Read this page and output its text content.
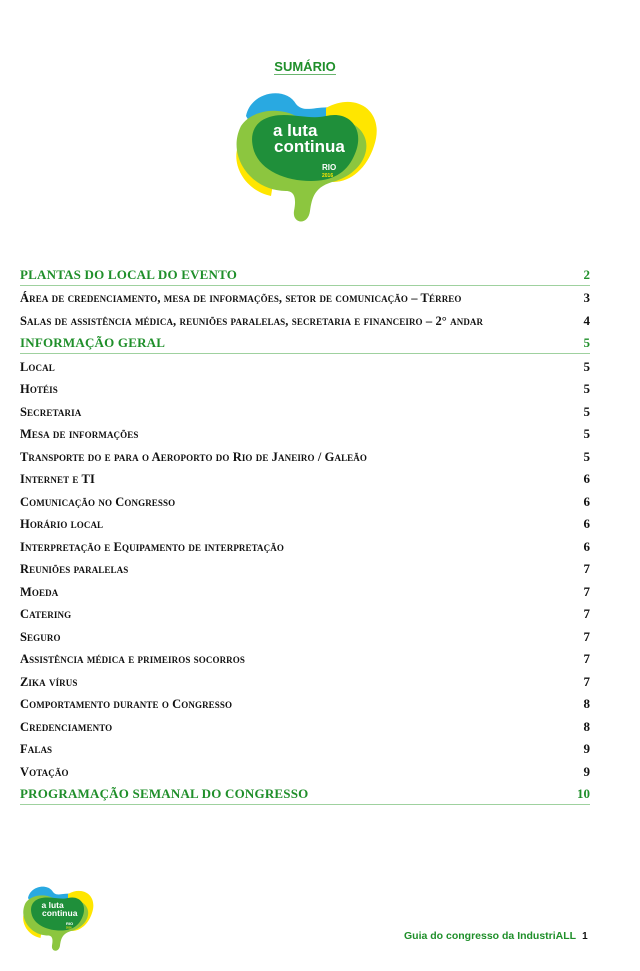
SUMÁRIO
a luta
continua
RIO
2016
PLANTAS DO LOCAL DO EVENTO	2
Área de credenciamento, mesa de informações, setor de comunicação – Térreo	3
Salas de assistência médica, reuniões paralelas, secretaria e financeiro – 2° andar	4
INFORMAÇÃO GERAL	5
Local	5
Hotéis	5
Secretaria	5
Mesa de informações	5
Transporte do e para o Aeroporto do Rio de Janeiro / Galeão	5
Internet e TI	6
Comunicação no Congresso	6
Horário local	6
Interpretação e Equipamento de interpretação	6
Reuniões paralelas	7
Moeda	7
Catering	7
Seguro	7
Assistência médica e primeiros socorros	7
Zika vírus	7
Comportamento durante o Congresso	8
Credenciamento	8
Falas	9
Votação	9
PROGRAMAÇÃO SEMANAL DO CONGRESSO	10
a luta
continua
RIO
2016
Guia do congresso da IndustriALL 1
